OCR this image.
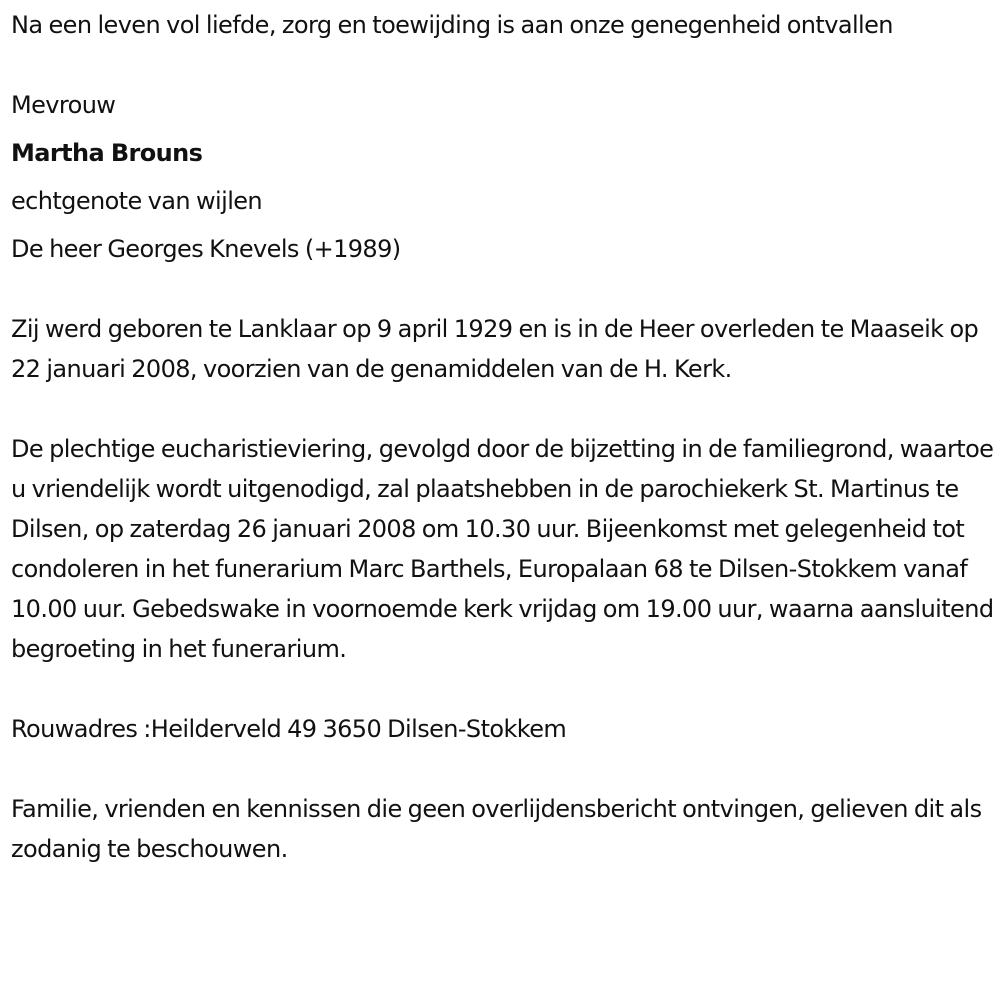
Na een leven vol liefde, zorg en toewijding is aan onze genegenheid ontvallen

Mevrouw

Martha Brouns

echtgenote van wijlen

De heer Georges Knevels (+1989)

Zij werd geboren te Lanklaar op 9 april 1929 en is in de Heer overleden te Maaseik op 22 januari 2008, voorzien van de genamiddelen van de H. Kerk.

De plechtige eucharistieviering, gevolgd door de bijzetting in de familiegrond, waartoe u vriendelijk wordt uitgenodigd, zal plaatshebben in de parochiekerk St. Martinus te Dilsen, op zaterdag 26 januari 2008 om 10.30 uur. Bijeenkomst met gelegenheid tot condoleren in het funerarium Marc Barthels, Europalaan 68 te Dilsen-Stokkem vanaf 10.00 uur. Gebedswake in voornoemde kerk vrijdag om 19.00 uur, waarna aansluitend begroeting in het funerarium.

Rouwadres :Heilderveld 49 3650 Dilsen-Stokkem

Familie, vrienden en kennissen die geen overlijdensbericht ontvingen, gelieven dit als zodanig te beschouwen.
